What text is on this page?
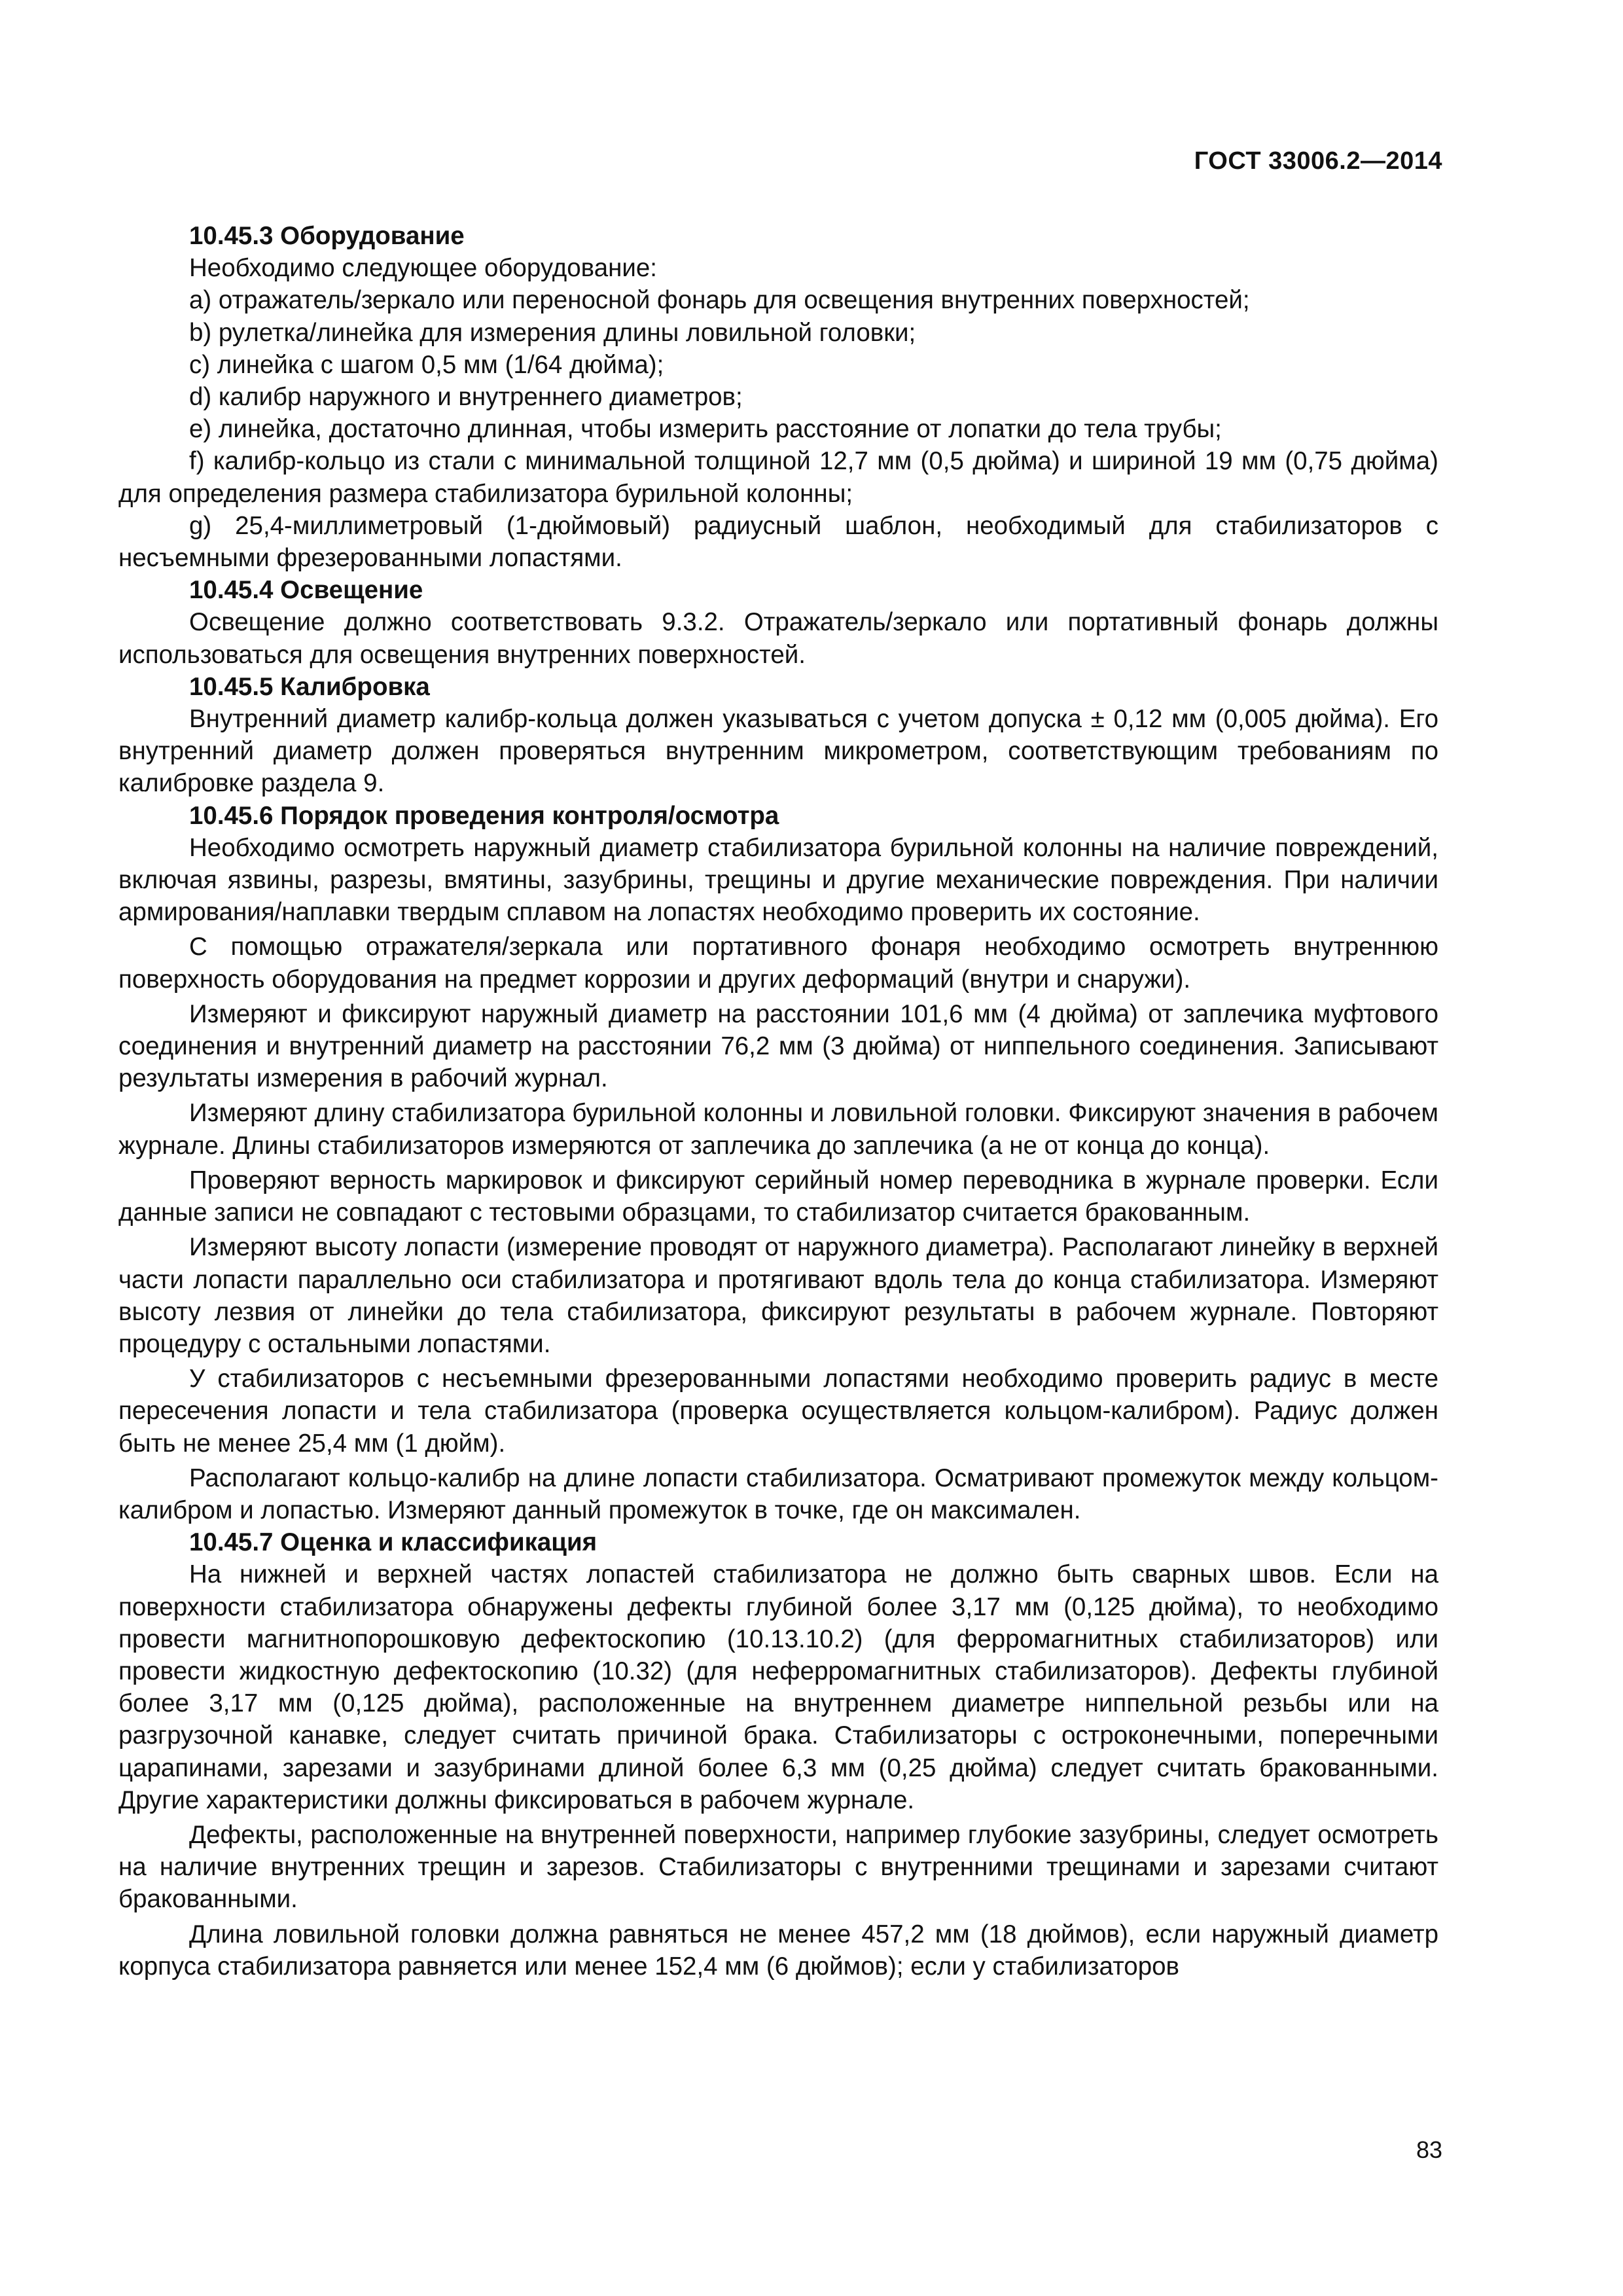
ГОСТ 33006.2—2014
10.45.3 Оборудование
Необходимо следующее оборудование:
a) отражатель/зеркало или переносной фонарь для освещения внутренних поверхностей;
b) рулетка/линейка для измерения длины ловильной головки;
c) линейка с шагом 0,5 мм (1/64 дюйма);
d) калибр наружного и внутреннего диаметров;
e) линейка, достаточно длинная, чтобы измерить расстояние от лопатки до тела трубы;
f) калибр-кольцо из стали с минимальной толщиной 12,7 мм (0,5 дюйма) и шириной 19 мм (0,75 дюйма) для определения размера стабилизатора бурильной колонны;
g) 25,4-миллиметровый (1-дюймовый) радиусный шаблон, необходимый для стабилизаторов с несъемными фрезерованными лопастями.
10.45.4 Освещение
Освещение должно соответствовать 9.3.2. Отражатель/зеркало или портативный фонарь должны использоваться для освещения внутренних поверхностей.
10.45.5 Калибровка
Внутренний диаметр калибр-кольца должен указываться с учетом допуска ± 0,12 мм (0,005 дюйма). Его внутренний диаметр должен проверяться внутренним микрометром, соответствующим требованиям по калибровке раздела 9.
10.45.6 Порядок проведения контроля/осмотра
Необходимо осмотреть наружный диаметр стабилизатора бурильной колонны на наличие повреждений, включая язвины, разрезы, вмятины, зазубрины, трещины и другие механические повреждения. При наличии армирования/наплавки твердым сплавом на лопастях необходимо проверить их состояние.
С помощью отражателя/зеркала или портативного фонаря необходимо осмотреть внутреннюю поверхность оборудования на предмет коррозии и других деформаций (внутри и снаружи).
Измеряют и фиксируют наружный диаметр на расстоянии 101,6 мм (4 дюйма) от заплечика муфтового соединения и внутренний диаметр на расстоянии 76,2 мм (3 дюйма) от ниппельного соединения. Записывают результаты измерения в рабочий журнал.
Измеряют длину стабилизатора бурильной колонны и ловильной головки. Фиксируют значения в рабочем журнале. Длины стабилизаторов измеряются от заплечика до заплечика (а не от конца до конца).
Проверяют верность маркировок и фиксируют серийный номер переводника в журнале проверки. Если данные записи не совпадают с тестовыми образцами, то стабилизатор считается бракованным.
Измеряют высоту лопасти (измерение проводят от наружного диаметра). Располагают линейку в верхней части лопасти параллельно оси стабилизатора и протягивают вдоль тела до конца стабилизатора. Измеряют высоту лезвия от линейки до тела стабилизатора, фиксируют результаты в рабочем журнале. Повторяют процедуру с остальными лопастями.
У стабилизаторов с несъемными фрезерованными лопастями необходимо проверить радиус в месте пересечения лопасти и тела стабилизатора (проверка осуществляется кольцом-калибром). Радиус должен быть не менее 25,4 мм (1 дюйм).
Располагают кольцо-калибр на длине лопасти стабилизатора. Осматривают промежуток между кольцом-калибром и лопастью. Измеряют данный промежуток в точке, где он максимален.
10.45.7 Оценка и классификация
На нижней и верхней частях лопастей стабилизатора не должно быть сварных швов. Если на поверхности стабилизатора обнаружены дефекты глубиной более 3,17 мм (0,125 дюйма), то необходимо провести магнитнопорошковую дефектоскопию (10.13.10.2) (для ферромагнитных стабилизаторов) или провести жидкостную дефектоскопию (10.32) (для неферромагнитных стабилизаторов). Дефекты глубиной более 3,17 мм (0,125 дюйма), расположенные на внутреннем диаметре ниппельной резьбы или на разгрузочной канавке, следует считать причиной брака. Стабилизаторы с остроконечными, поперечными царапинами, зарезами и зазубринами длиной более 6,3 мм (0,25 дюйма) следует считать бракованными. Другие характеристики должны фиксироваться в рабочем журнале.
Дефекты, расположенные на внутренней поверхности, например глубокие зазубрины, следует осмотреть на наличие внутренних трещин и зарезов. Стабилизаторы с внутренними трещинами и зарезами считают бракованными.
Длина ловильной головки должна равняться не менее 457,2 мм (18 дюймов), если наружный диаметр корпуса стабилизатора равняется или менее 152,4 мм (6 дюймов); если у стабилизаторов
83
